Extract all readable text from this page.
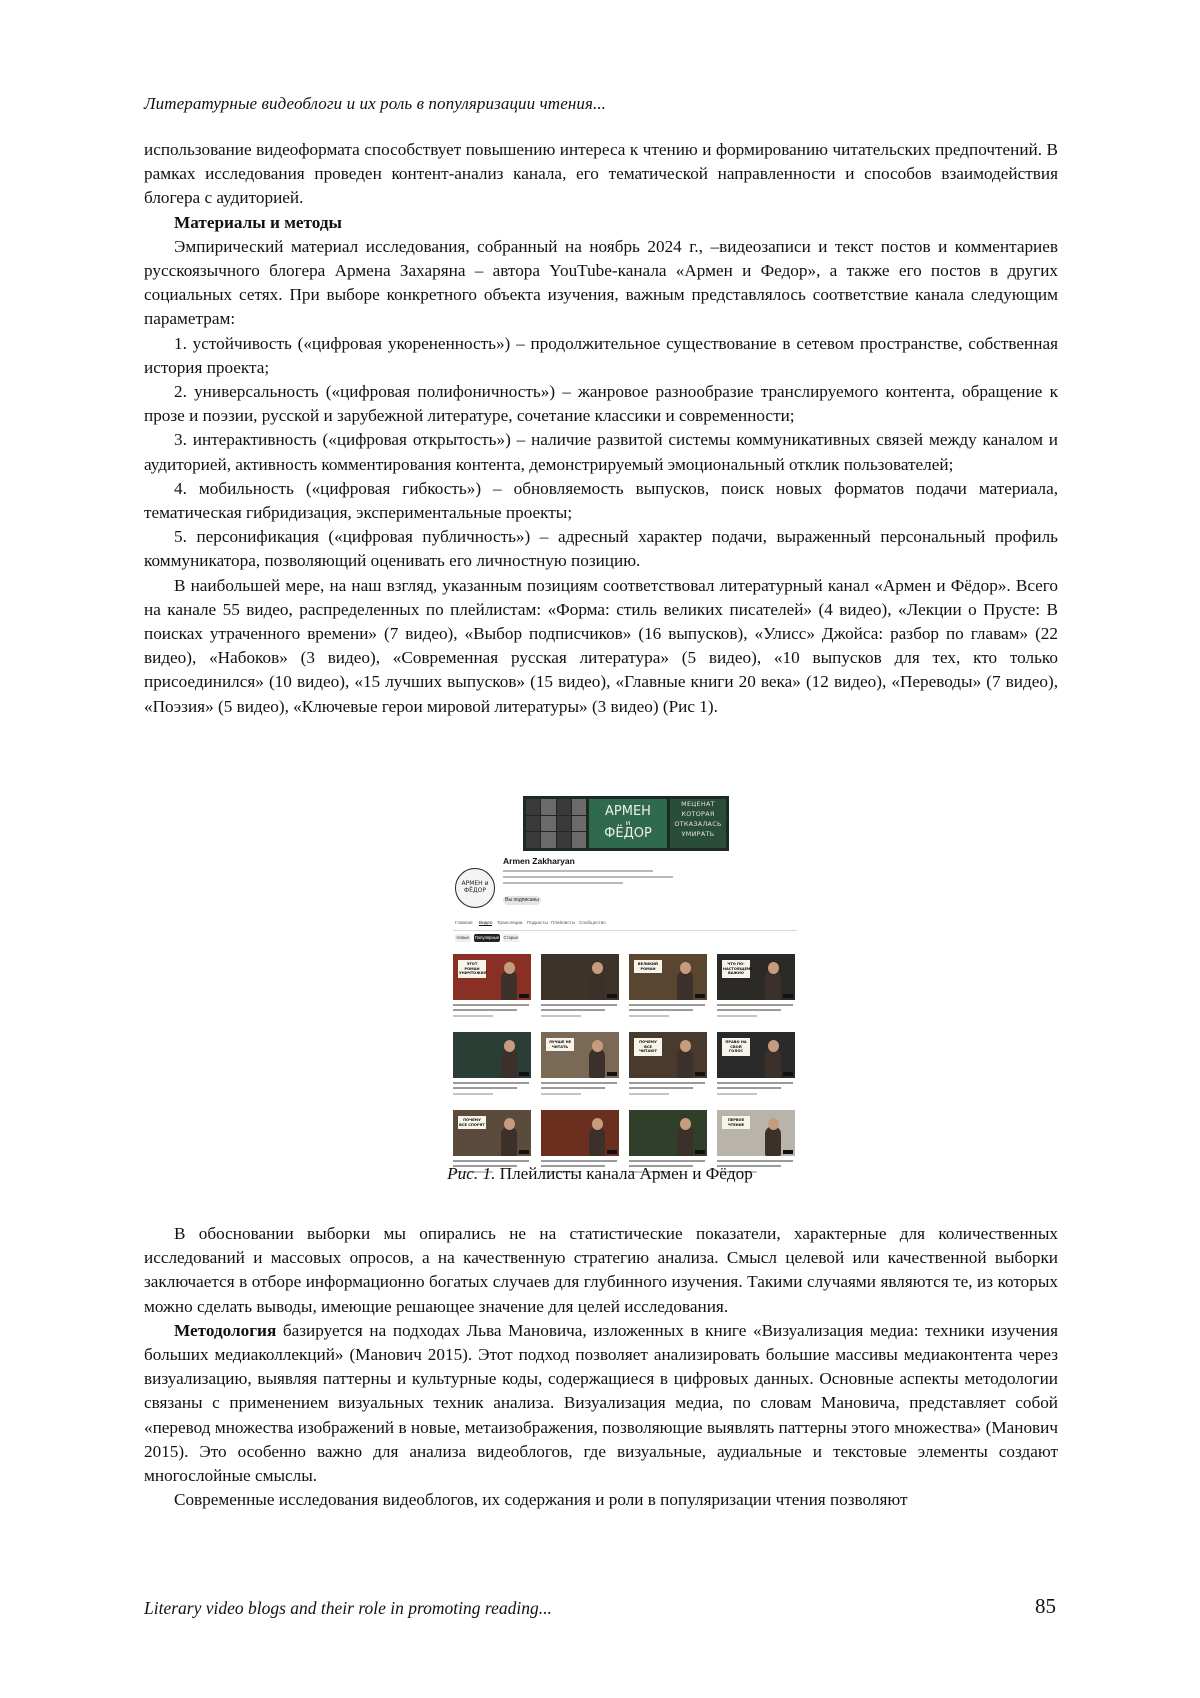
Литературные видеоблоги и их роль в популяризации чтения...

использование видеоформата способствует повышению интереса к чтению и формированию читательских предпочтений. В рамках исследования проведен контент-анализ канала, его тематической направленности и способов взаимодействия блогера с аудиторией.

Материалы и методы

Эмпирический материал исследования, собранный на ноябрь 2024 г., –видеозаписи и текст постов и комментариев русскоязычного блогера Армена Захаряна – автора YouTube-канала «Армен и Федор», а также его постов в других социальных сетях. При выборе конкретного объекта изучения, важным представлялось соответствие канала следующим параметрам:

1. устойчивость («цифровая укорененность») – продолжительное существование в сетевом пространстве, собственная история проекта;

2. универсальность («цифровая полифоничность») – жанровое разнообразие транслируемого контента, обращение к прозе и поэзии, русской и зарубежной литературе, сочетание классики и современности;

3. интерактивность («цифровая открытость») – наличие развитой системы коммуникативных связей между каналом и аудиторией, активность комментирования контента, демонстрируемый эмоциональный отклик пользователей;

4. мобильность («цифровая гибкость») – обновляемость выпусков, поиск новых форматов подачи материала, тематическая гибридизация, экспериментальные проекты;

5. персонификация («цифровая публичность») – адресный характер подачи, выраженный персональный профиль коммуникатора, позволяющий оценивать его личностную позицию.

В наибольшей мере, на наш взгляд, указанным позициям соответствовал литературный канал «Армен и Фёдор». Всего на канале 55 видео, распределенных по плейлистам: «Форма: стиль великих писателей» (4 видео), «Лекции о Прусте: В поисках утраченного времени» (7 видео), «Выбор подписчиков» (16 выпусков), «Улисс» Джойса: разбор по главам» (22 видео), «Набоков» (3 видео), «Современная русская литература» (5 видео), «10 выпусков для тех, кто только присоединился» (10 видео), «15 лучших выпусков» (15 видео), «Главные книги 20 века» (12 видео), «Переводы» (7 видео), «Поэзия» (5 видео), «Ключевые герои мировой литературы» (3 видео) (Рис 1).

АРМЕН
и
ФЁДОР
МЕЦЕНАТ КОТОРАЯ ОТКАЗАЛАСЬ УМИРАТЬ
АРМЕН и ФЁДОР
Armen Zakharyan
Вы подписаны
Главная Видео Трансляции Подкасты Плейлисты Сообщество
Новые	Популярные Старые
ЭТОТ РОМАН УНИЧТОЖИЛ
ВЕЛИКИЙ РОМАН
ЧТО ПО-НАСТОЯЩЕМУ ВАЖНО
ЛУЧШЕ НЕ ЧИТАТЬ
ПОЧЕМУ ВСЕ ЧИТАЮТ
ПРАВО НА СВОЙ ГОЛОС
ПОЧЕМУ ВСЕ СПОРЯТ
ПЕРВОЕ ЧТЕНИЕ
Рис. 1. Плейлисты канала Армен и Фёдор

В обосновании выборки мы опирались не на статистические показатели, характерные для количественных исследований и массовых опросов, а на качественную стратегию анализа. Смысл целевой или качественной выборки заключается в отборе информационно богатых случаев для глубинного изучения. Такими случаями являются те, из которых можно сделать выводы, имеющие решающее значение для целей исследования.

Методология базируется на подходах Льва Мановича, изложенных в книге «Визуализация медиа: техники изучения больших медиаколлекций» (Манович 2015). Этот подход позволяет анализировать большие массивы медиаконтента через визуализацию, выявляя паттерны и культурные коды, содержащиеся в цифровых данных. Основные аспекты методологии связаны с применением визуальных техник анализа. Визуализация медиа, по словам Мановича, представляет собой «перевод множества изображений в новые, метаизображения, позволяющие выявлять паттерны этого множества» (Манович 2015). Это особенно важно для анализа видеоблогов, где визуальные, аудиальные и текстовые элементы создают многослойные смыслы.

Современные исследования видеоблогов, их содержания и роли в популяризации чтения позволяют

Literary video blogs and their role in promoting reading...	85
